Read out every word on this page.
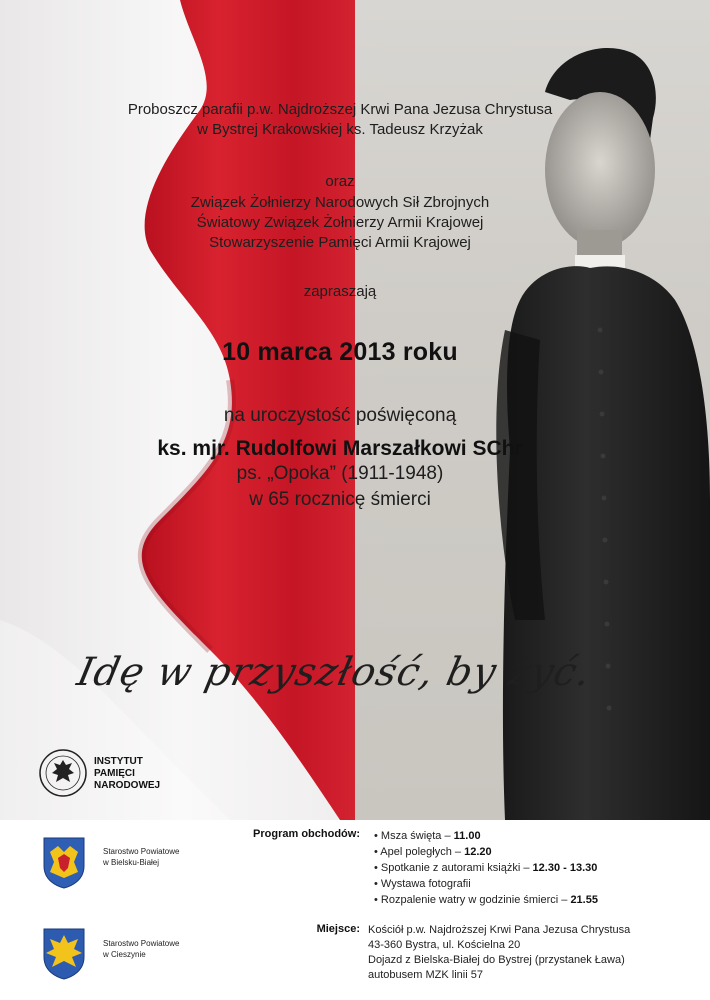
Proboszcz parafii p.w. Najdroższej Krwi Pana Jezusa Chrystusa
w Bystrej Krakowskiej ks. Tadeusz Krzyżak
oraz
Związek Żołnierzy Narodowych Sił Zbrojnych
Światowy Związek Żołnierzy Armii Krajowej
Stowarzyszenie Pamięci Armii Krajowej
zapraszają
10 marca 2013 roku
na uroczystość poświęconą
ks. mjr. Rudolfowi Marszałkowi SChr
ps. „Opoka” (1911-1948)
w 65 rocznicę śmierci
Idę w przyszłość, by żyć.
INSTYTUT
PAMIĘCI
NARODOWEJ
Starostwo Powiatowe
w Bielsku-Białej
Starostwo Powiatowe
w Cieszynie
Program obchodów: • Msza święta – 11.00
• Apel poległych – 12.20
• Spotkanie z autorami książki – 12.30 - 13.30
• Wystawa fotografii
• Rozpalenie watry w godzinie śmierci – 21.55
Miejsce: Kościół p.w. Najdroższej Krwi Pana Jezusa Chrystusa
43-360 Bystra, ul. Kościelna 20
Dojazd z Bielska-Białej do Bystrej (przystanek Ława)
autobusem MZK linii 57
